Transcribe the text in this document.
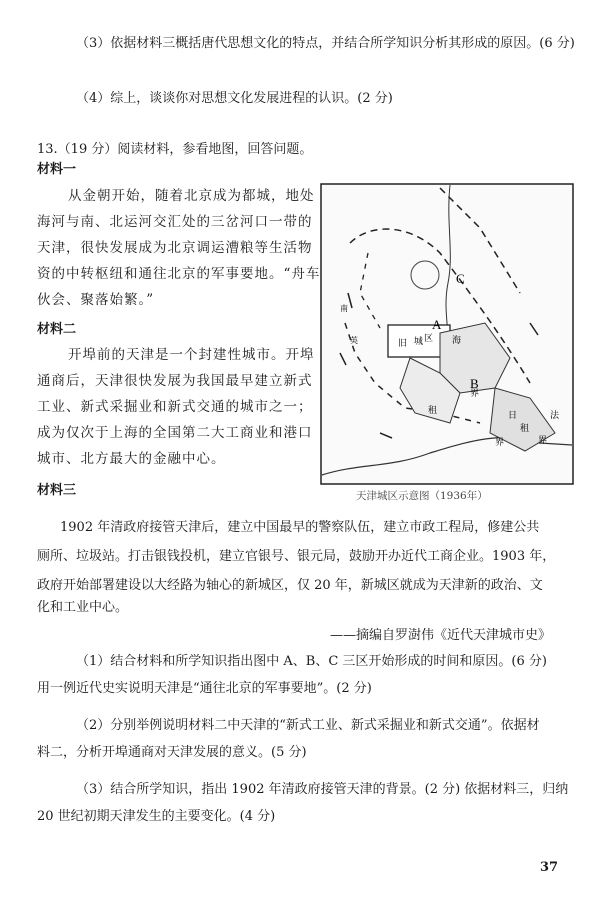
（3）依据材料三概括唐代思想文化的特点，并结合所学知识分析其形成的原因。(6 分)
（4）综上，谈谈你对思想文化发展进程的认识。(2 分)
13.（19 分）阅读材料，参看地图，回答问题。
材料一
从金朝开始，随着北京成为都城，地处
海河与南、北运河交汇处的三岔河口一带的
天津，很快发展成为北京调运漕粮等生活物
资的中转枢纽和通往北京的军事要地。“舟车
伙会、聚落始繁。”
材料二
开埠前的天津是一个封建性城市。开埠
通商后，天津很快发展为我国最早建立新式
工业、新式采掘业和新式交通的城市之一；
成为仅次于上海的全国第二大工商业和港口
城市、北方最大的金融中心。
C
A
B
旧 城 区 海
租
界
日
租
界
界
法
南
英
天津城区示意图（1936年）
材料三
1902 年清政府接管天津后，建立中国最早的警察队伍，建立市政工程局，修建公共
厕所、垃圾站。打击银钱投机，建立官银号、银元局，鼓励开办近代工商企业。1903 年，
政府开始部署建设以大经路为轴心的新城区，仅 20 年，新城区就成为天津新的政治、文
化和工业中心。
——摘编自罗澍伟《近代天津城市史》
（1）结合材料和所学知识指出图中 A、B、C 三区开始形成的时间和原因。(6 分)
用一例近代史实说明天津是“通往北京的军事要地”。(2 分)
（2）分别举例说明材料二中天津的“新式工业、新式采掘业和新式交通”。依据材
料二，分析开埠通商对天津发展的意义。(5 分)
（3）结合所学知识，指出 1902 年清政府接管天津的背景。(2 分) 依据材料三，归纳
20 世纪初期天津发生的主要变化。(4 分)
37
